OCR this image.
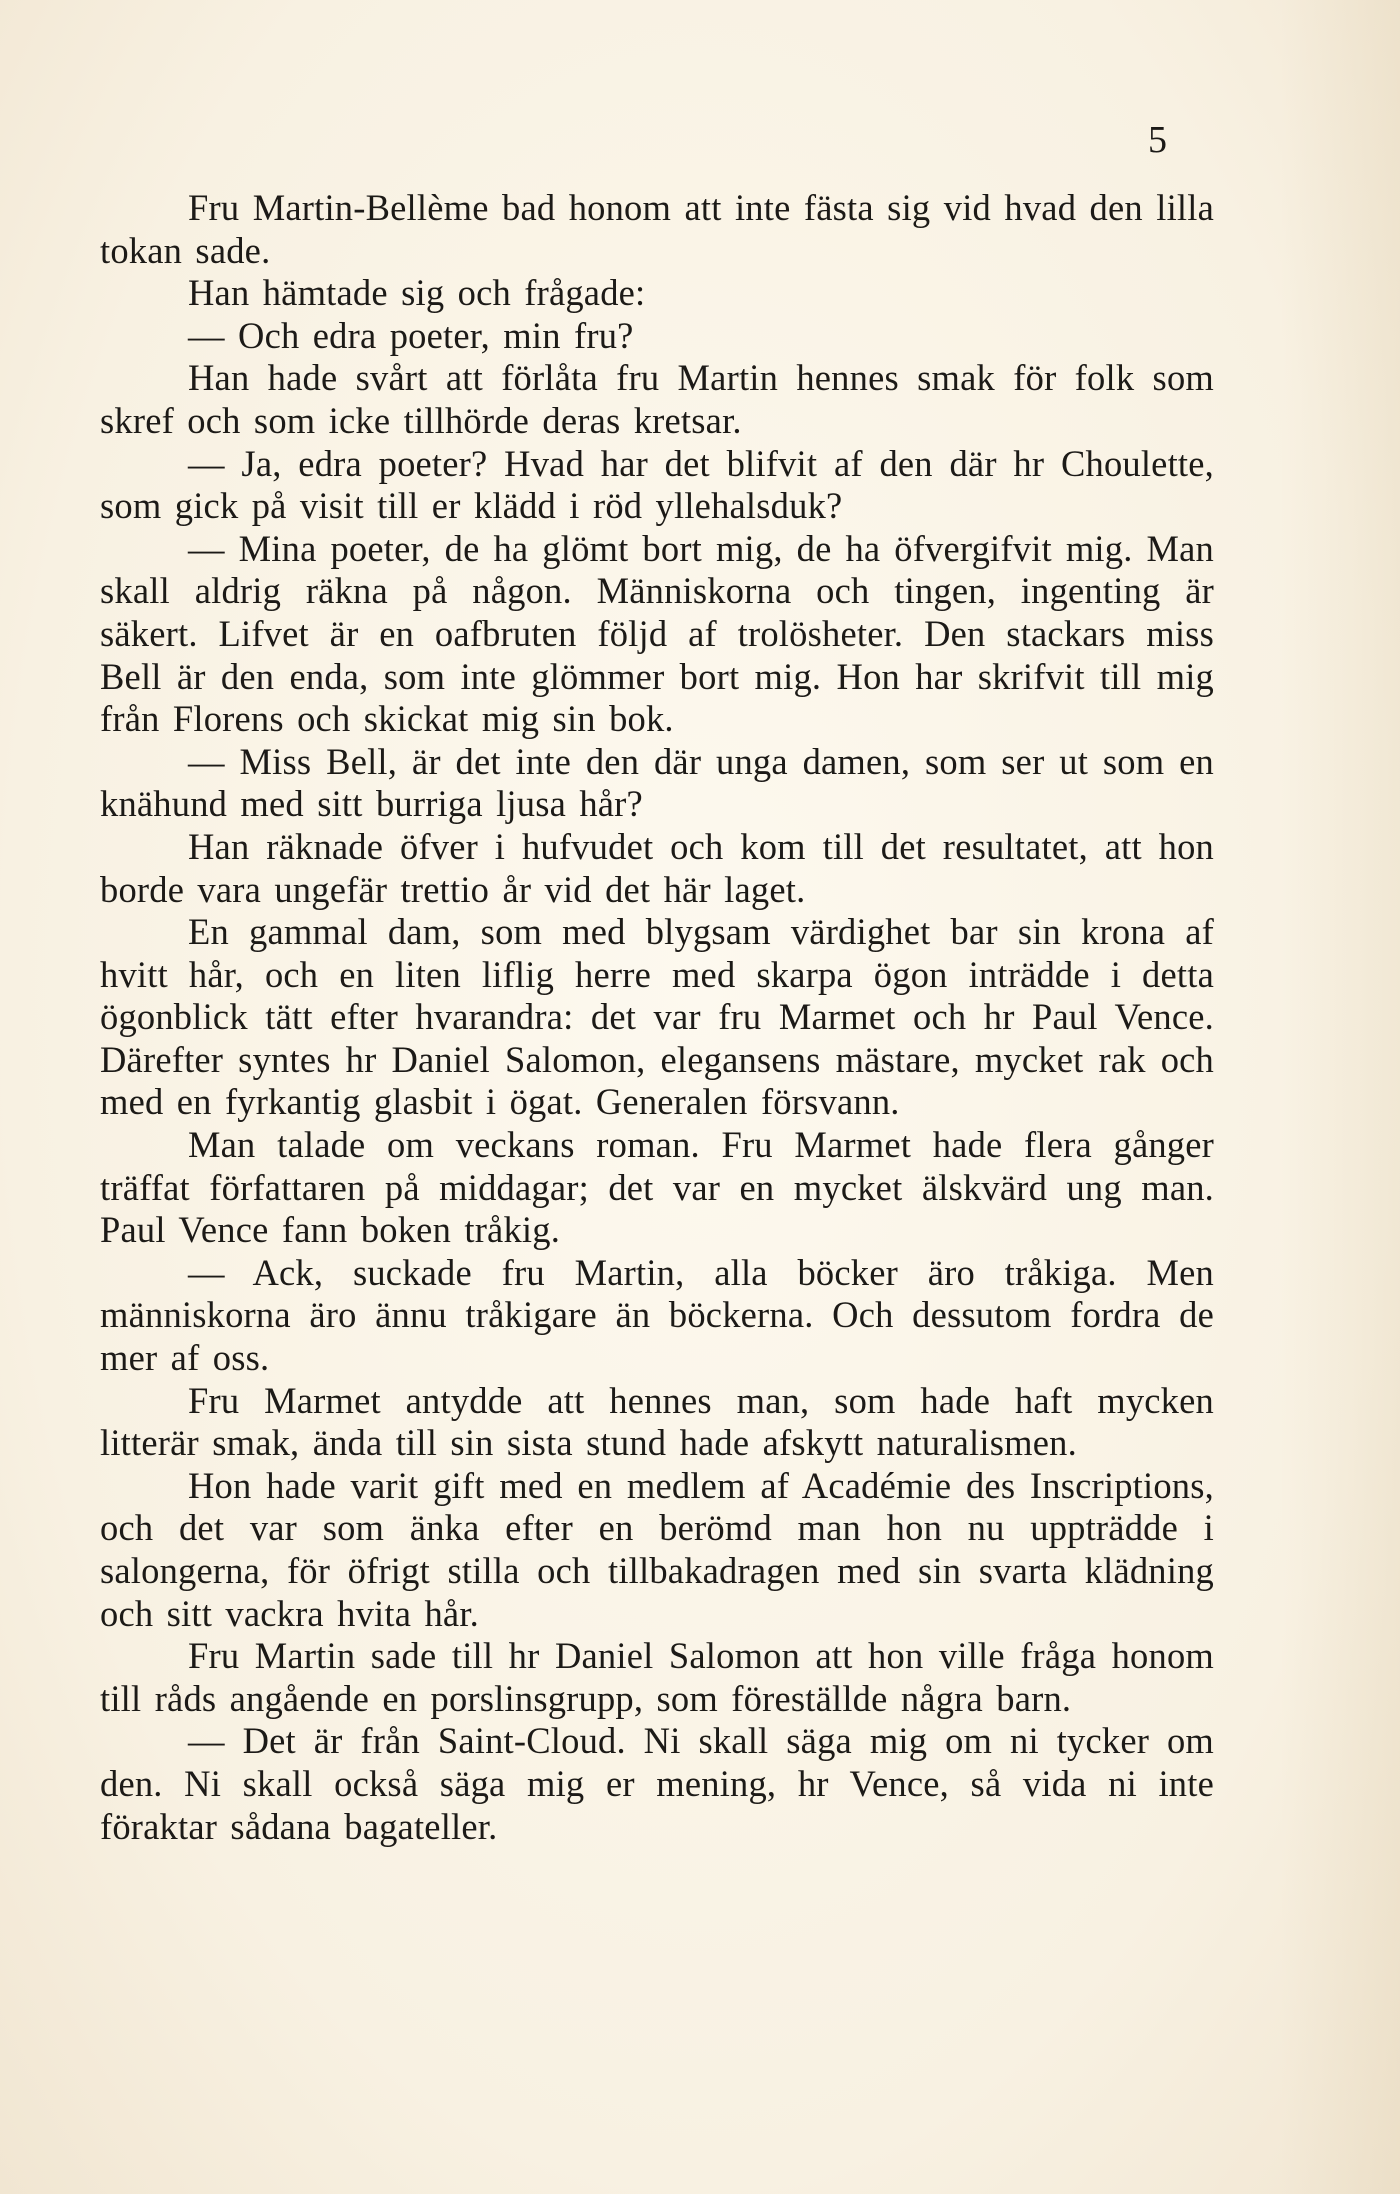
5

Fru Martin-Bellème bad honom att inte fästa sig vid hvad den lilla tokan sade.

Han hämtade sig och frågade:

— Och edra poeter, min fru?

Han hade svårt att förlåta fru Martin hennes smak för folk som skref och som icke tillhörde deras kretsar.

— Ja, edra poeter? Hvad har det blifvit af den där hr Choulette, som gick på visit till er klädd i röd yllehalsduk?

— Mina poeter, de ha glömt bort mig, de ha öfvergifvit mig. Man skall aldrig räkna på någon. Människorna och tingen, ingenting är säkert. Lifvet är en oafbruten följd af trolösheter. Den stackars miss Bell är den enda, som inte glömmer bort mig. Hon har skrifvit till mig från Florens och skickat mig sin bok.

— Miss Bell, är det inte den där unga damen, som ser ut som en knähund med sitt burriga ljusa hår?

Han räknade öfver i hufvudet och kom till det resultatet, att hon borde vara ungefär trettio år vid det här laget.

En gammal dam, som med blygsam värdighet bar sin krona af hvitt hår, och en liten liflig herre med skarpa ögon inträdde i detta ögonblick tätt efter hvarandra: det var fru Marmet och hr Paul Vence. Därefter syntes hr Daniel Salomon, elegansens mästare, mycket rak och med en fyrkantig glasbit i ögat. Generalen försvann.

Man talade om veckans roman. Fru Marmet hade flera gånger träffat författaren på middagar; det var en mycket älskvärd ung man. Paul Vence fann boken tråkig.

— Ack, suckade fru Martin, alla böcker äro tråkiga. Men människorna äro ännu tråkigare än böckerna. Och dessutom fordra de mer af oss.

Fru Marmet antydde att hennes man, som hade haft mycken litterär smak, ända till sin sista stund hade afskytt naturalismen.

Hon hade varit gift med en medlem af Académie des Inscriptions, och det var som änka efter en berömd man hon nu uppträdde i salongerna, för öfrigt stilla och tillbakadragen med sin svarta klädning och sitt vackra hvita hår.

Fru Martin sade till hr Daniel Salomon att hon ville fråga honom till råds angående en porslinsgrupp, som föreställde några barn.

— Det är från Saint-Cloud. Ni skall säga mig om ni tycker om den. Ni skall också säga mig er mening, hr Vence, så vida ni inte föraktar sådana bagateller.
